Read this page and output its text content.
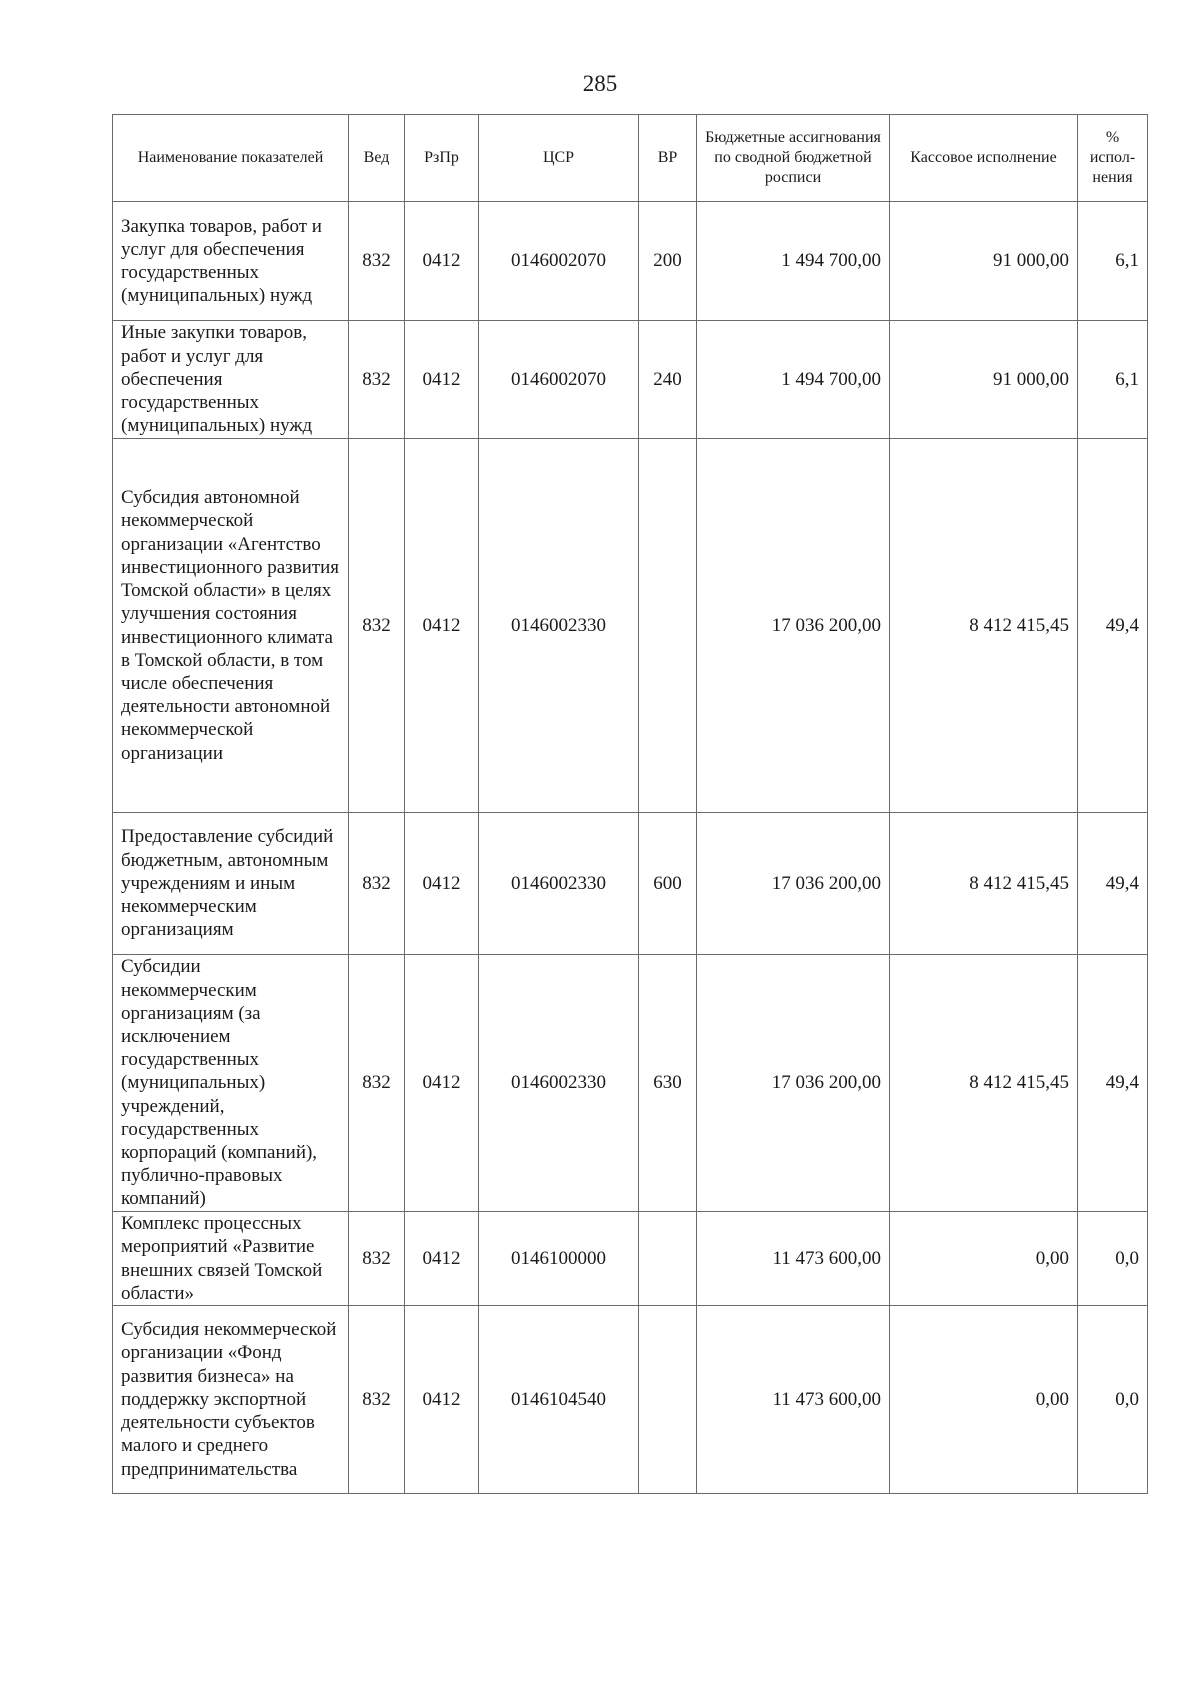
285
Наименование показателей	Вед	РзПр	ЦСР	ВР	Бюджетные ассигнования по сводной бюджетной росписи	Кассовое исполнение	% испол-нения
Закупка товаров, работ и услуг для обеспечения государственных (муниципальных) нужд	832	0412	0146002070	200	1 494 700,00	91 000,00	6,1
Иные закупки товаров, работ и услуг для обеспечения государственных (муниципальных) нужд	832	0412	0146002070	240	1 494 700,00	91 000,00	6,1
Субсидия автономной некоммерческой организации «Агентство инвестиционного развития Томской области» в целях улучшения состояния инвестиционного климата в Томской области, в том числе обеспечения деятельности автономной некоммерческой организации	832	0412	0146002330		17 036 200,00	8 412 415,45	49,4
Предоставление субсидий бюджетным, автономным учреждениям и иным некоммерческим организациям	832	0412	0146002330	600	17 036 200,00	8 412 415,45	49,4
Субсидии некоммерческим организациям (за исключением государственных (муниципальных) учреждений, государственных корпораций (компаний), публично-правовых компаний)	832	0412	0146002330	630	17 036 200,00	8 412 415,45	49,4
Комплекс процессных мероприятий «Развитие внешних связей Томской области»	832	0412	0146100000		11 473 600,00	0,00	0,0
Субсидия некоммерческой организации «Фонд развития бизнеса» на поддержку экспортной деятельности субъектов малого и среднего предпринимательства	832	0412	0146104540		11 473 600,00	0,00	0,0
